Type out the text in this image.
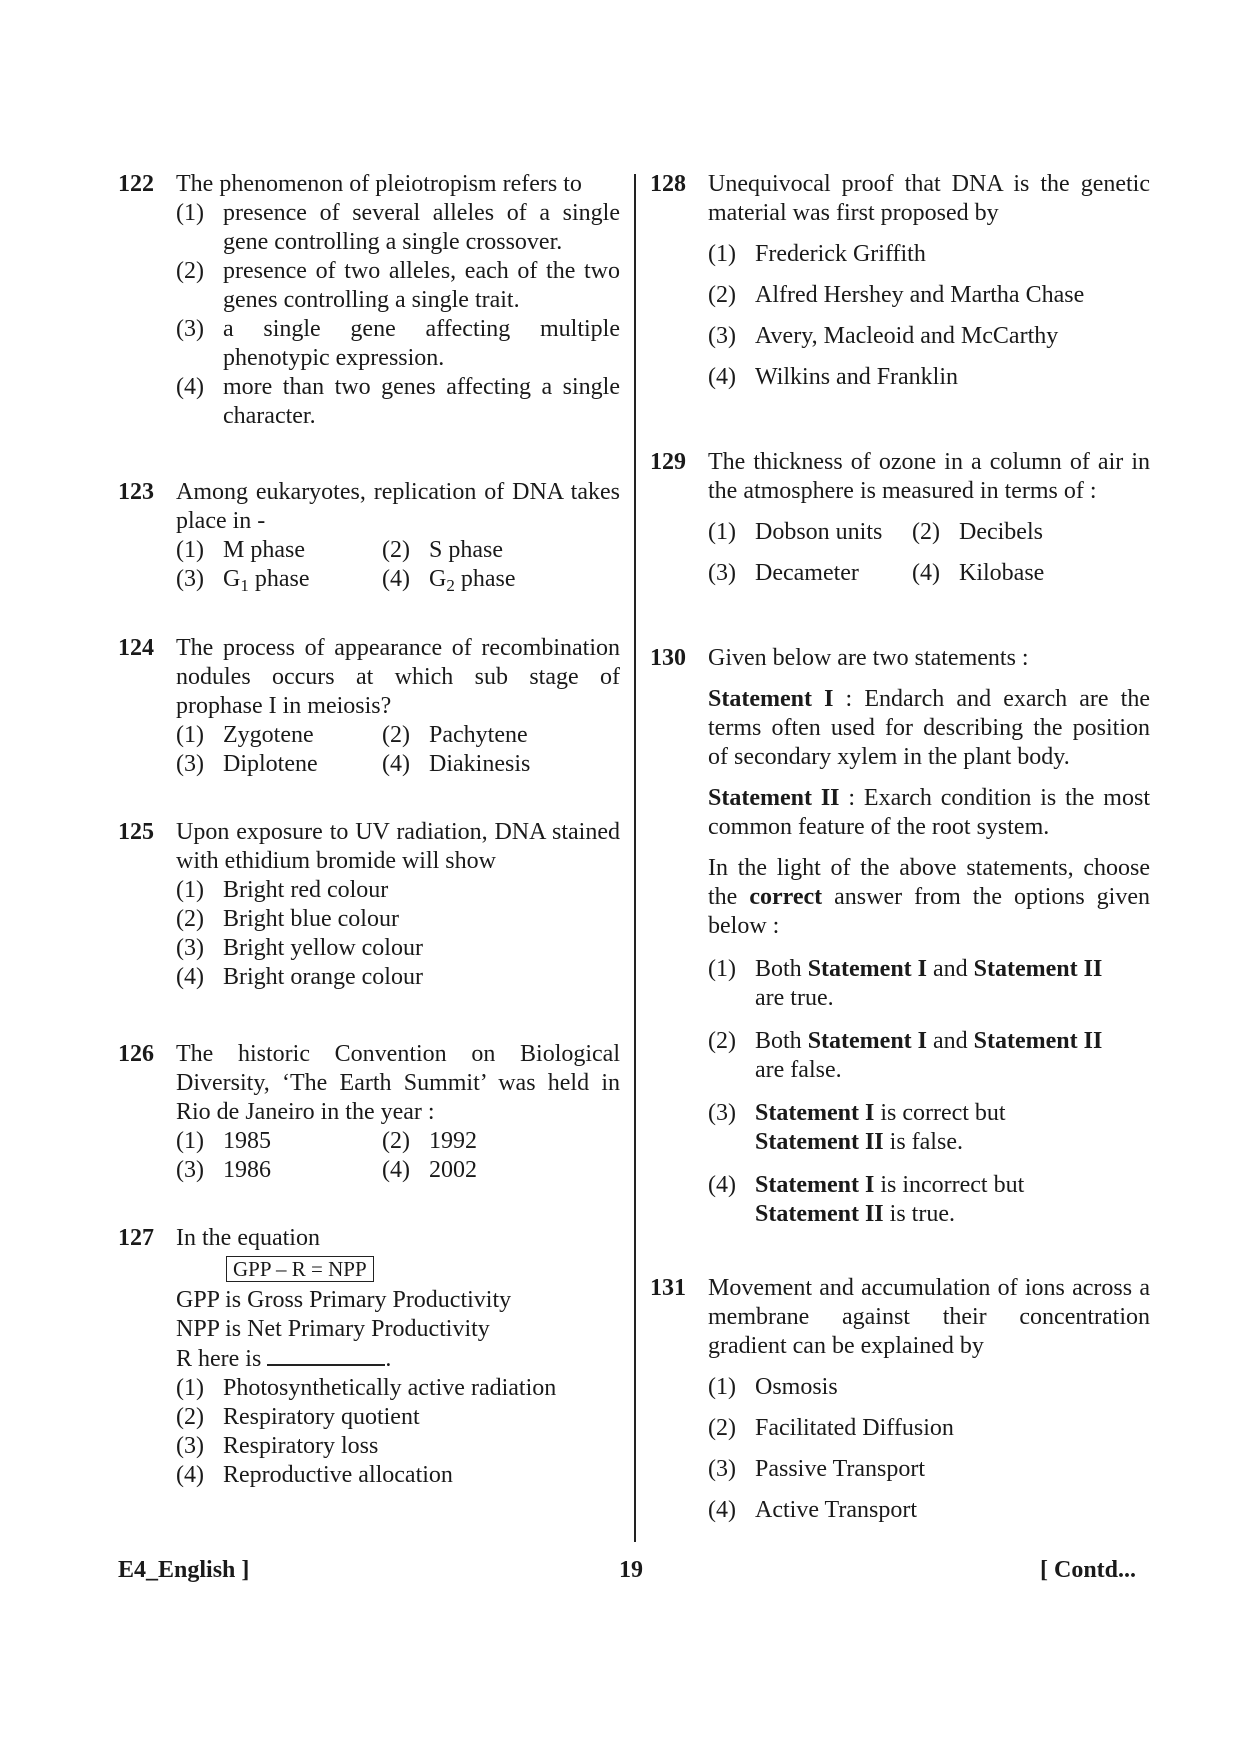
122 The phenomenon of pleiotropism refers to
(1) presence of several alleles of a single gene controlling a single crossover.
(2) presence of two alleles, each of the two genes controlling a single trait.
(3) a single gene affecting multiple phenotypic expression.
(4) more than two genes affecting a single character.
123 Among eukaryotes, replication of DNA takes place in -
(1) M phase	(2) S phase
(3) $G_1$ phase	(4) $G_2$ phase
124 The process of appearance of recombination nodules occurs at which sub stage of prophase I in meiosis?
(1) Zygotene	(2) Pachytene
(3) Diplotene	(4) Diakinesis
125 Upon exposure to UV radiation, DNA stained with ethidium bromide will show
(1) Bright red colour
(2) Bright blue colour
(3) Bright yellow colour
(4) Bright orange colour
126 The historic Convention on Biological Diversity, ‘The Earth Summit’ was held in Rio de Janeiro in the year :
(1) 1985	(2) 1992
(3) 1986	(4) 2002
127 In the equation
GPP – R = NPP
GPP is Gross Primary Productivity
NPP is Net Primary Productivity
R here is	.
(1) Photosynthetically active radiation
(2) Respiratory quotient
(3) Respiratory loss
(4) Reproductive allocation
128 Unequivocal proof that DNA is the genetic material was first proposed by
(1) Frederick Griffith
(2) Alfred Hershey and Martha Chase
(3) Avery, Macleoid and McCarthy
(4) Wilkins and Franklin
129 The thickness of ozone in a column of air in the atmosphere is measured in terms of :
(1) Dobson units	(2) Decibels
(3) Decameter	(4) Kilobase
130 Given below are two statements :
Statement I : Endarch and exarch are the terms often used for describing the position of secondary xylem in the plant body.
Statement II : Exarch condition is the most common feature of the root system.
In the light of the above statements, choose the correct answer from the options given below :
(1) Both Statement I and Statement II
are true.
(2) Both Statement I and Statement II
are false.
(3) Statement I is correct but
Statement II is false.
(4) Statement I is incorrect but
Statement II is true.
131 Movement and accumulation of ions across a membrane against their concentration gradient can be explained by
(1) Osmosis
(2) Facilitated Diffusion
(3) Passive Transport
(4) Active Transport
E4_English ]	19	[ Contd...
